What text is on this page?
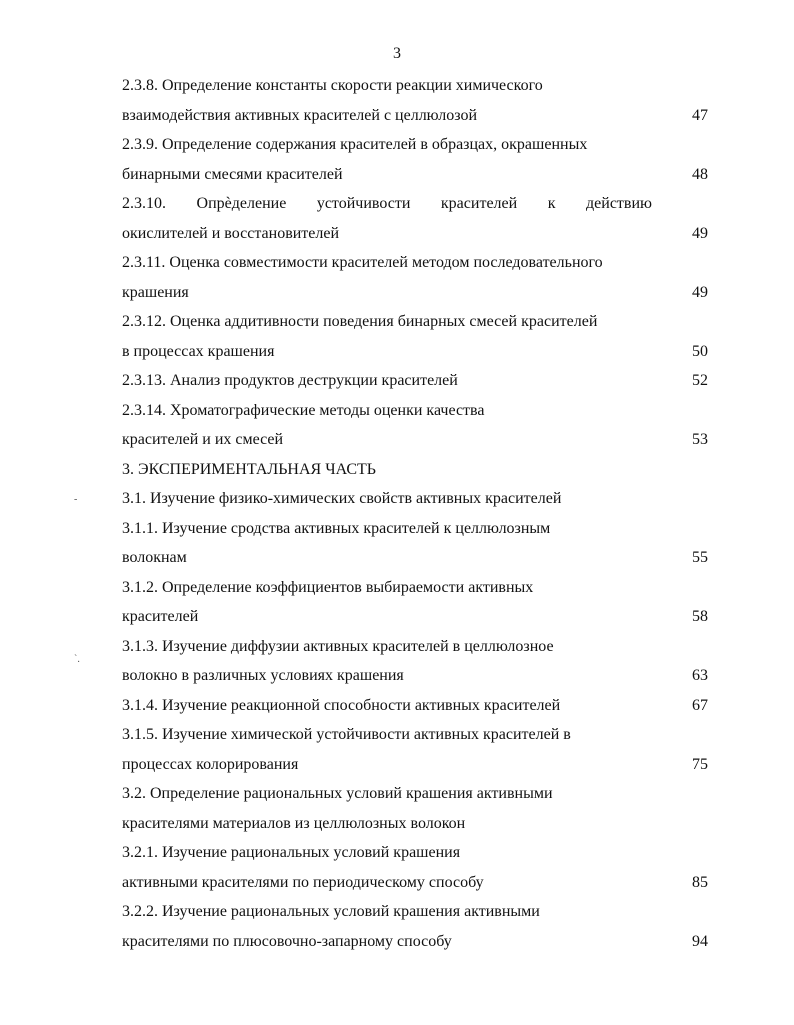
3
-
`.
2.3.8. Определение константы скорости реакции химического
взаимодействия активных красителей с целлюлозой	47
2.3.9. Определение содержания красителей в образцах, окрашенных
бинарными смесями красителей	48
2.3.10. Опрѐделение устойчивости красителей к действию
окислителей и восстановителей	49
2.3.11. Оценка совместимости красителей методом последовательного
крашения	49
2.3.12. Оценка аддитивности поведения бинарных смесей красителей
в процессах крашения	50
2.3.13. Анализ продуктов деструкции красителей	52
2.3.14. Хроматографические методы оценки качества
красителей и их смесей	53
3. ЭКСПЕРИМЕНТАЛЬНАЯ ЧАСТЬ
3.1. Изучение физико-химических свойств активных красителей
3.1.1. Изучение сродства активных красителей к целлюлозным
волокнам	55
3.1.2. Определение коэффициентов выбираемости активных
красителей	58
3.1.3. Изучение диффузии активных красителей в целлюлозное
волокно в различных условиях крашения	63
3.1.4. Изучение реакционной способности активных красителей	67
3.1.5. Изучение химической устойчивости активных красителей в
процессах колорирования	75
3.2. Определение рациональных условий крашения активными
красителями материалов из целлюлозных волокон
3.2.1. Изучение рациональных условий крашения
активными красителями по периодическому способу	85
3.2.2. Изучение рациональных условий крашения активными
красителями по плюсовочно-запарному способу	94
